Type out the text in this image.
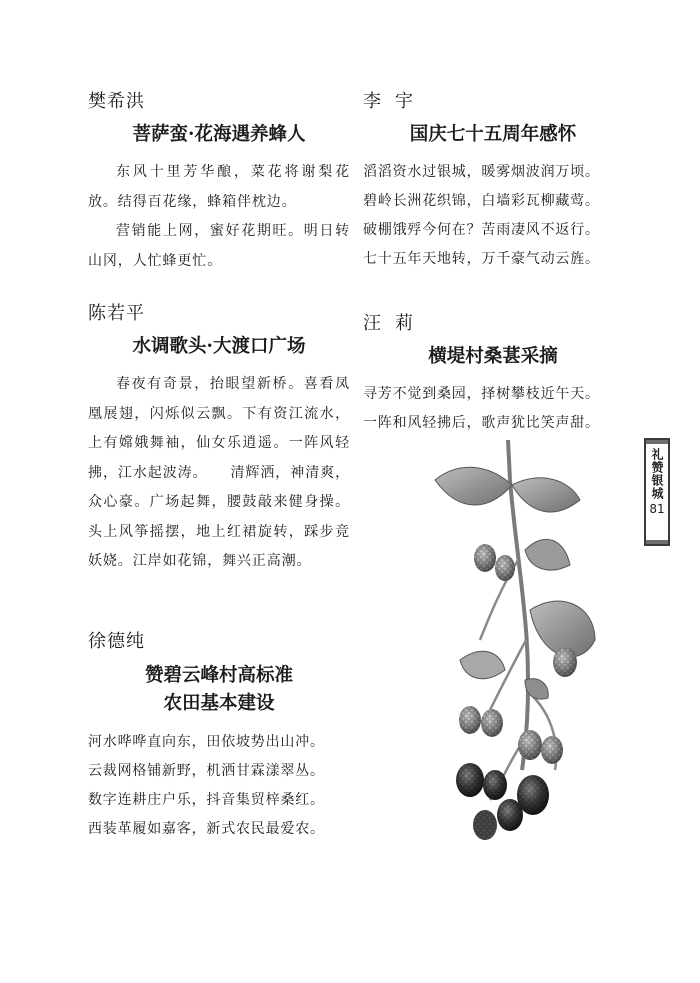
樊希洪
菩萨蛮·花海遇养蜂人

东风十里芳华酿，菜花将谢梨花放。结得百花缘，蜂箱伴枕边。

营销能上网，蜜好花期旺。明日转山冈，人忙蜂更忙。

陈若平
水调歌头·大渡口广场

春夜有奇景，抬眼望新桥。喜看凤凰展翅，闪烁似云飘。下有资江流水，上有嫦娥舞袖，仙女乐逍遥。一阵风轻拂，江水起波涛。　　清辉洒，神清爽，众心豪。广场起舞，腰鼓敲来健身操。头上风筝摇摆，地上红裙旋转，踩步竞妖娆。江岸如花锦，舞兴正高潮。

徐德纯
赞碧云峰村高标准
农田基本建设

河水哗哗直向东，田依坡势出山冲。

云裁网格铺新野，机洒甘霖漾翠丛。

数字连耕庄户乐，抖音集贸梓桑红。

西装革履如嘉客，新式农民最爱农。

李宇
国庆七十五周年感怀

滔滔资水过银城，暖雾烟波润万顷。

碧岭长洲花织锦，白墙彩瓦柳藏莺。

破棚饿殍今何在？苦雨凄风不返行。

七十五年天地转，万千豪气动云旌。

汪莉
横堤村桑葚采摘

寻芳不觉到桑园，择树攀枝近午天。

一阵和风轻拂后，歌声犹比笑声甜。

礼赞银城
81
